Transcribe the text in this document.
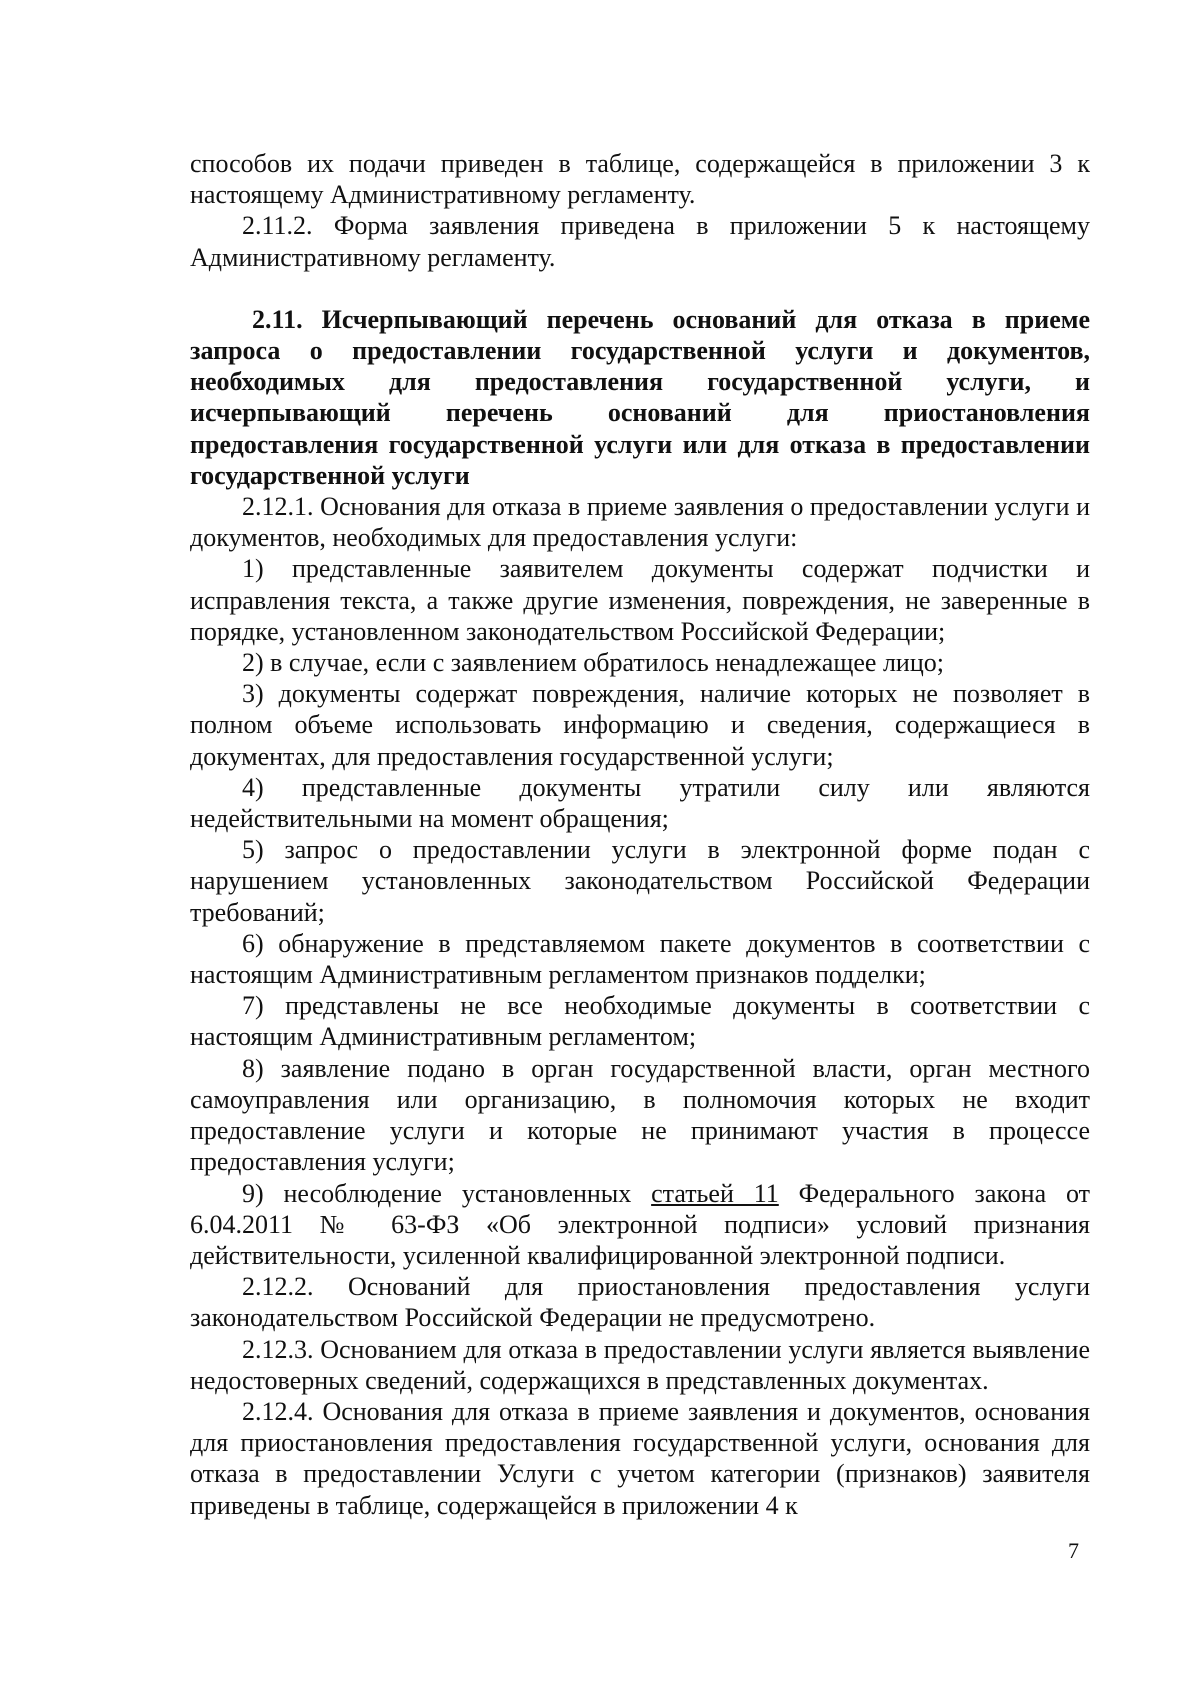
способов их подачи приведен в таблице, содержащейся в приложении 3 к настоящему Административному регламенту.

2.11.2. Форма заявления приведена в приложении 5 к настоящему Административному регламенту.

2.11. Исчерпывающий перечень оснований для отказа в приеме запроса о предоставлении государственной услуги и документов, необходимых для предоставления государственной услуги, и исчерпывающий перечень оснований для приостановления предоставления государственной услуги или для отказа в предоставлении государственной услуги

2.12.1. Основания для отказа в приеме заявления о предоставлении услуги и документов, необходимых для предоставления услуги:

1) представленные заявителем документы содержат подчистки и исправления текста, а также другие изменения, повреждения, не заверенные в порядке, установленном законодательством Российской Федерации;

2) в случае, если с заявлением обратилось ненадлежащее лицо;

3) документы содержат повреждения, наличие которых не позволяет в полном объеме использовать информацию и сведения, содержащиеся в документах, для предоставления государственной услуги;

4) представленные документы утратили силу или являются недействительными на момент обращения;

5) запрос о предоставлении услуги в электронной форме подан с нарушением установленных законодательством Российской Федерации требований;

6) обнаружение в представляемом пакете документов в соответствии с настоящим Административным регламентом признаков подделки;

7) представлены не все необходимые документы в соответствии с настоящим Административным регламентом;

8) заявление подано в орган государственной власти, орган местного самоуправления или организацию, в полномочия которых не входит предоставление услуги и которые не принимают участия в процессе предоставления услуги;

9) несоблюдение установленных статьей 11 Федерального закона от 6.04.2011 № 63-ФЗ «Об электронной подписи» условий признания действительности, усиленной квалифицированной электронной подписи.

2.12.2. Оснований для приостановления предоставления услуги законодательством Российской Федерации не предусмотрено.

2.12.3. Основанием для отказа в предоставлении услуги является выявление недостоверных сведений, содержащихся в представленных документах.

2.12.4. Основания для отказа в приеме заявления и документов, основания для приостановления предоставления государственной услуги, основания для отказа в предоставлении Услуги с учетом категории (признаков) заявителя приведены в таблице, содержащейся в приложении 4 к

7
